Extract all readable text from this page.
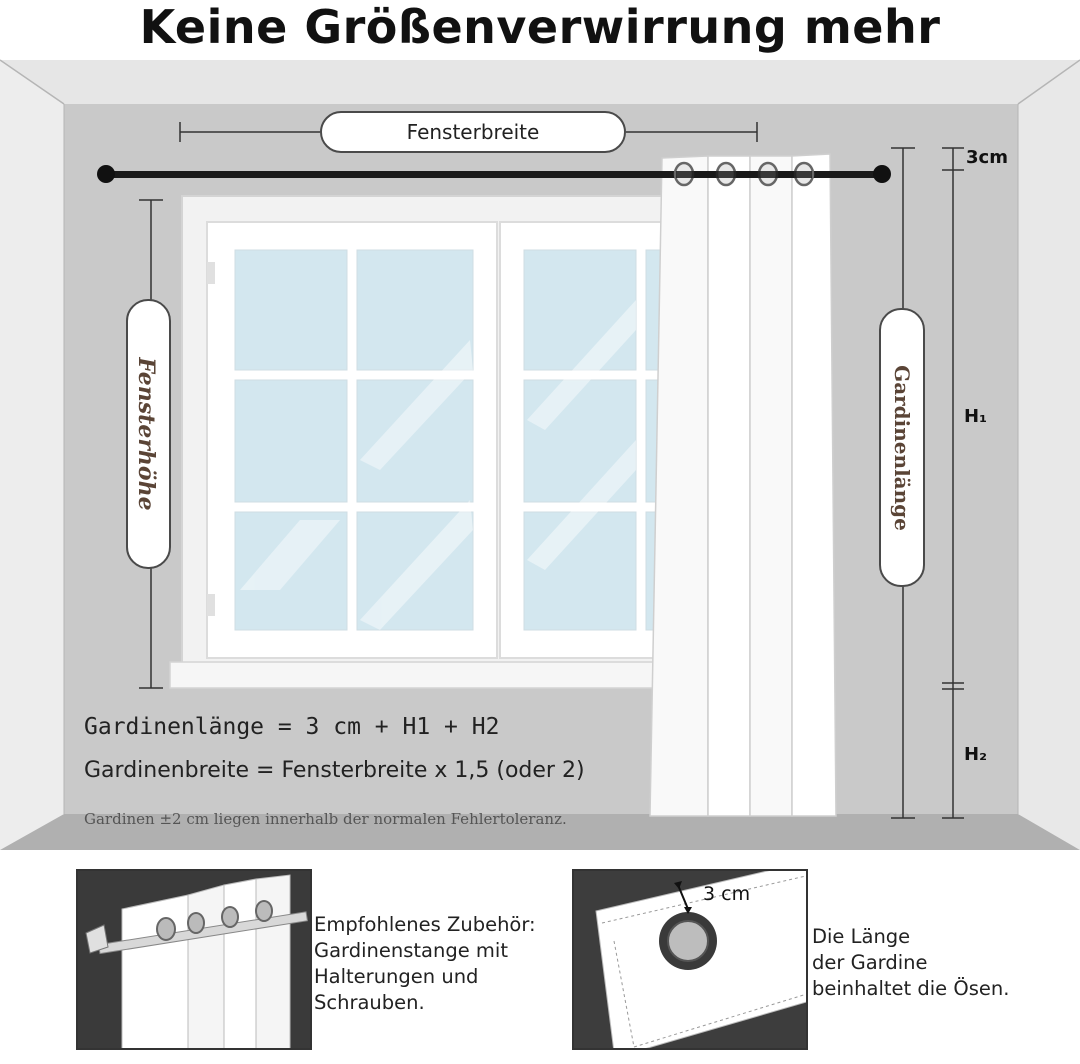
Keine Größenverwirrung mehr
Fensterbreite
Fensterhöhe	Gardinenlänge
3cm
H₁
H₂
Gardinenlänge = 3 cm + H1 + H2
Gardinenbreite = Fensterbreite x 1,5 (oder 2)
Gardinen ±2 cm liegen innerhalb der normalen Fehlertoleranz.
Empfohlenes Zubehör:
Gardinenstange mit
Halterungen und
Schrauben.
3 cm
Die Länge
der Gardine
beinhaltet die Ösen.
